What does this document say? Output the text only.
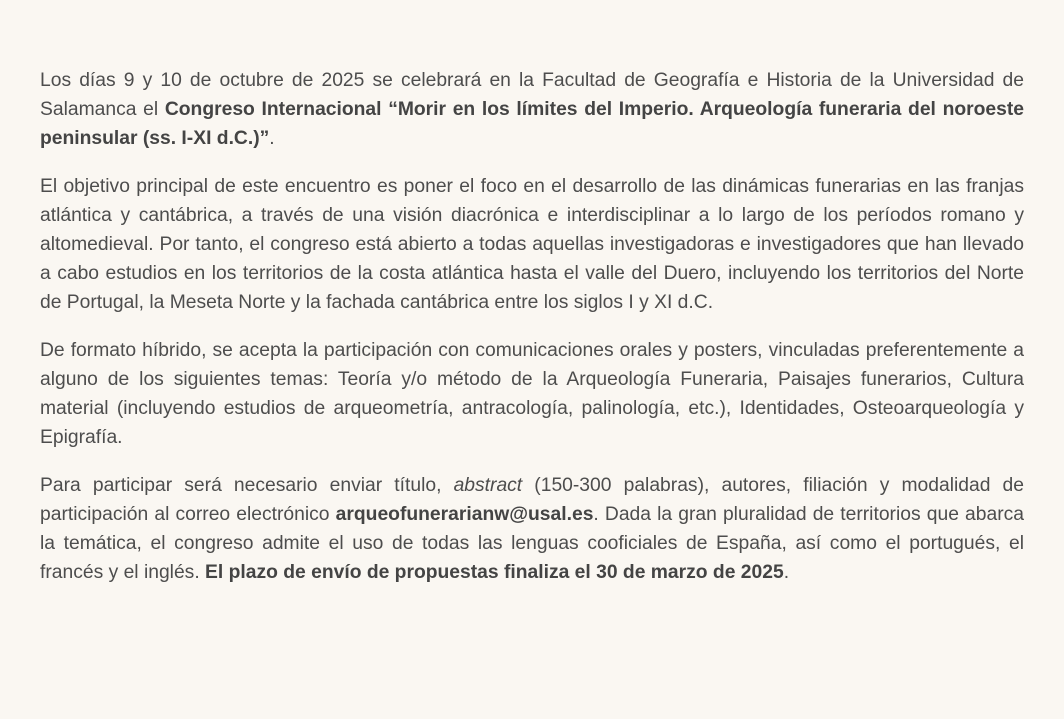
Los días 9 y 10 de octubre de 2025 se celebrará en la Facultad de Geografía e Historia de la Universidad de Salamanca el Congreso Internacional “Morir en los límites del Imperio. Arqueología funeraria del noroeste peninsular (ss. I-XI d.C.)”.

El objetivo principal de este encuentro es poner el foco en el desarrollo de las dinámicas funerarias en las franjas atlántica y cantábrica, a través de una visión diacrónica e interdisciplinar a lo largo de los períodos romano y altomedieval. Por tanto, el congreso está abierto a todas aquellas investigadoras e investigadores que han llevado a cabo estudios en los territorios de la costa atlántica hasta el valle del Duero, incluyendo los territorios del Norte de Portugal, la Meseta Norte y la fachada cantábrica entre los siglos I y XI d.C.

De formato híbrido, se acepta la participación con comunicaciones orales y posters, vinculadas preferentemente a alguno de los siguientes temas: Teoría y/o método de la Arqueología Funeraria, Paisajes funerarios, Cultura material (incluyendo estudios de arqueometría, antracología, palinología, etc.), Identidades, Osteoarqueología y Epigrafía.

Para participar será necesario enviar título, abstract (150-300 palabras), autores, filiación y modalidad de participación al correo electrónico arqueofunerarianw@usal.es. Dada la gran pluralidad de territorios que abarca la temática, el congreso admite el uso de todas las lenguas cooficiales de España, así como el portugués, el francés y el inglés. El plazo de envío de propuestas finaliza el 30 de marzo de 2025.
